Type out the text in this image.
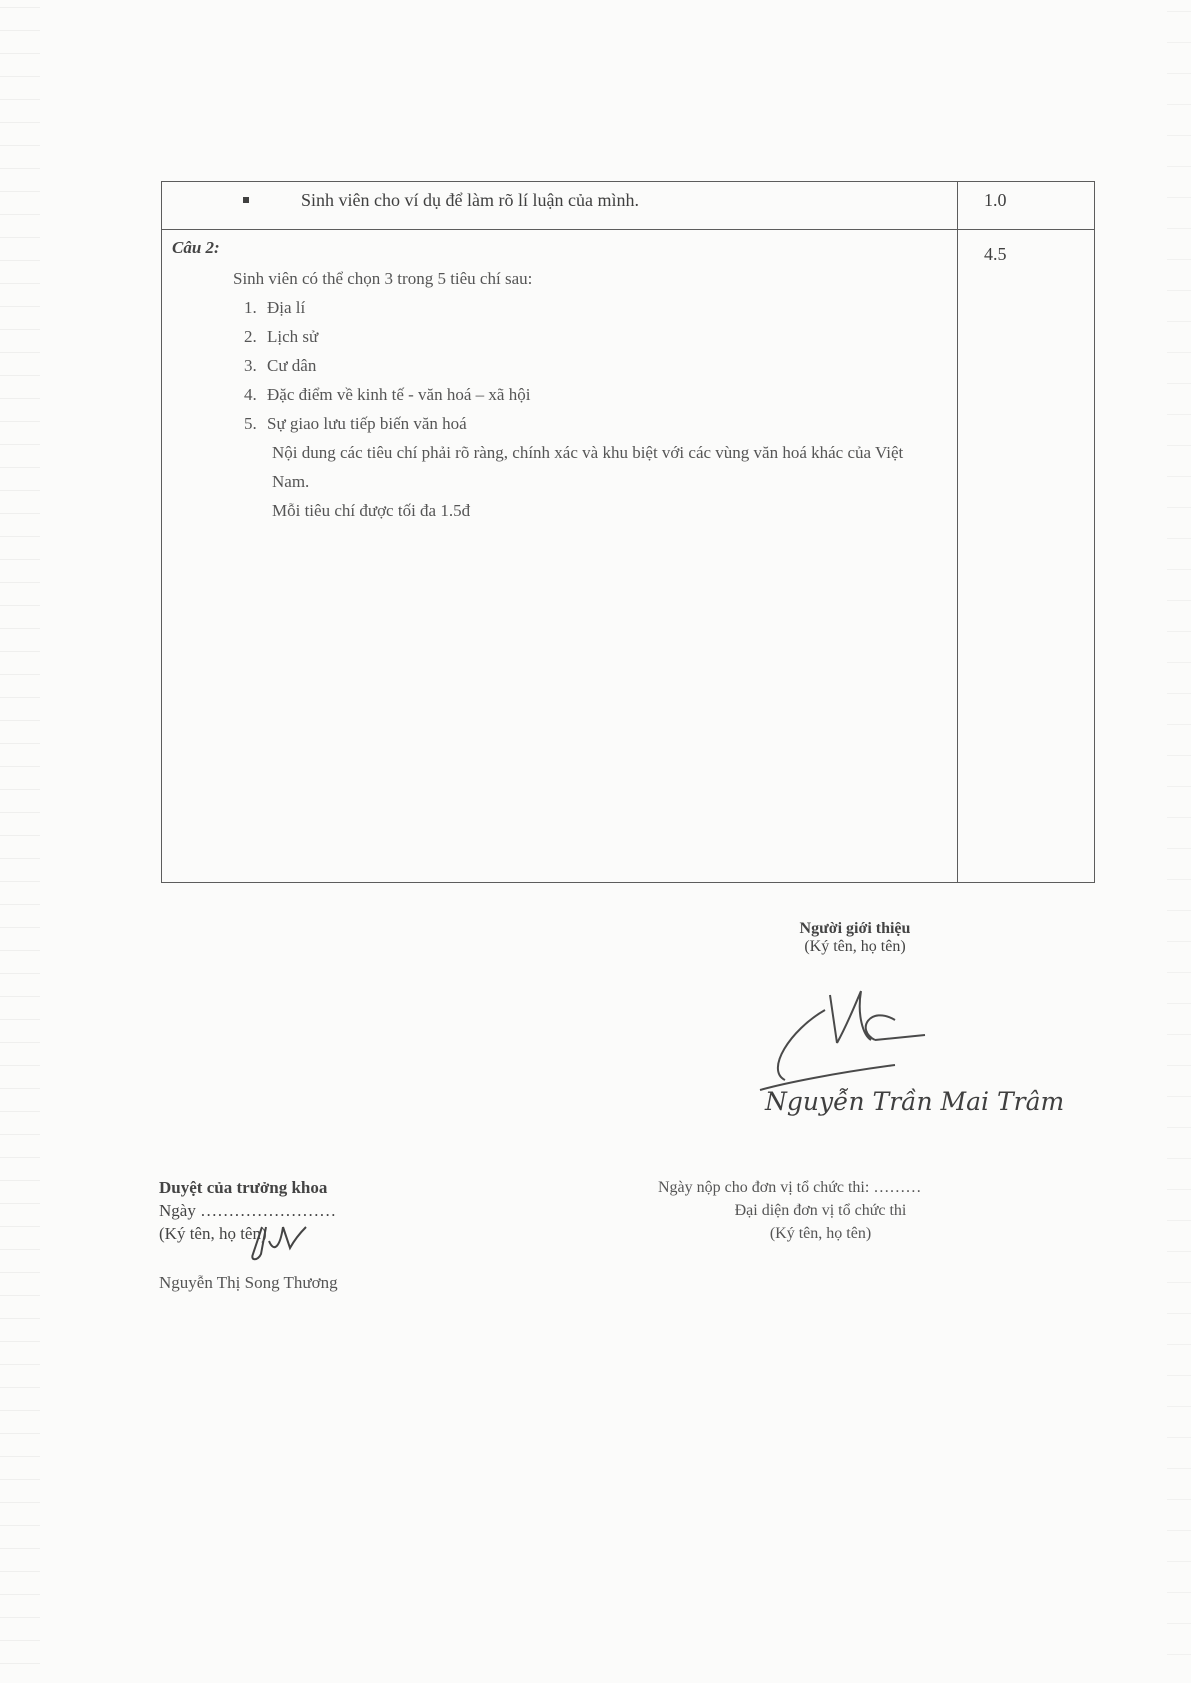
Sinh viên cho ví dụ để làm rõ lí luận của mình.	1.0
Câu 2:	4.5
Sinh viên có thể chọn 3 trong 5 tiêu chí sau:
1. Địa lí
2. Lịch sử
3. Cư dân
4. Đặc điểm về kinh tế - văn hoá – xã hội
5. Sự giao lưu tiếp biến văn hoá
Nội dung các tiêu chí phải rõ ràng, chính xác và khu biệt với các vùng văn hoá khác của Việt Nam.
Mỗi tiêu chí được tối đa 1.5đ
Người giới thiệu
(Ký tên, họ tên)
Nguyễn Trần Mai Trâm
Duyệt của trưởng khoa
Ngày ……………………
(Ký tên, họ tên)
Nguyễn Thị Song Thương
Ngày nộp cho đơn vị tổ chức thi: ………
Đại diện đơn vị tổ chức thi
(Ký tên, họ tên)
